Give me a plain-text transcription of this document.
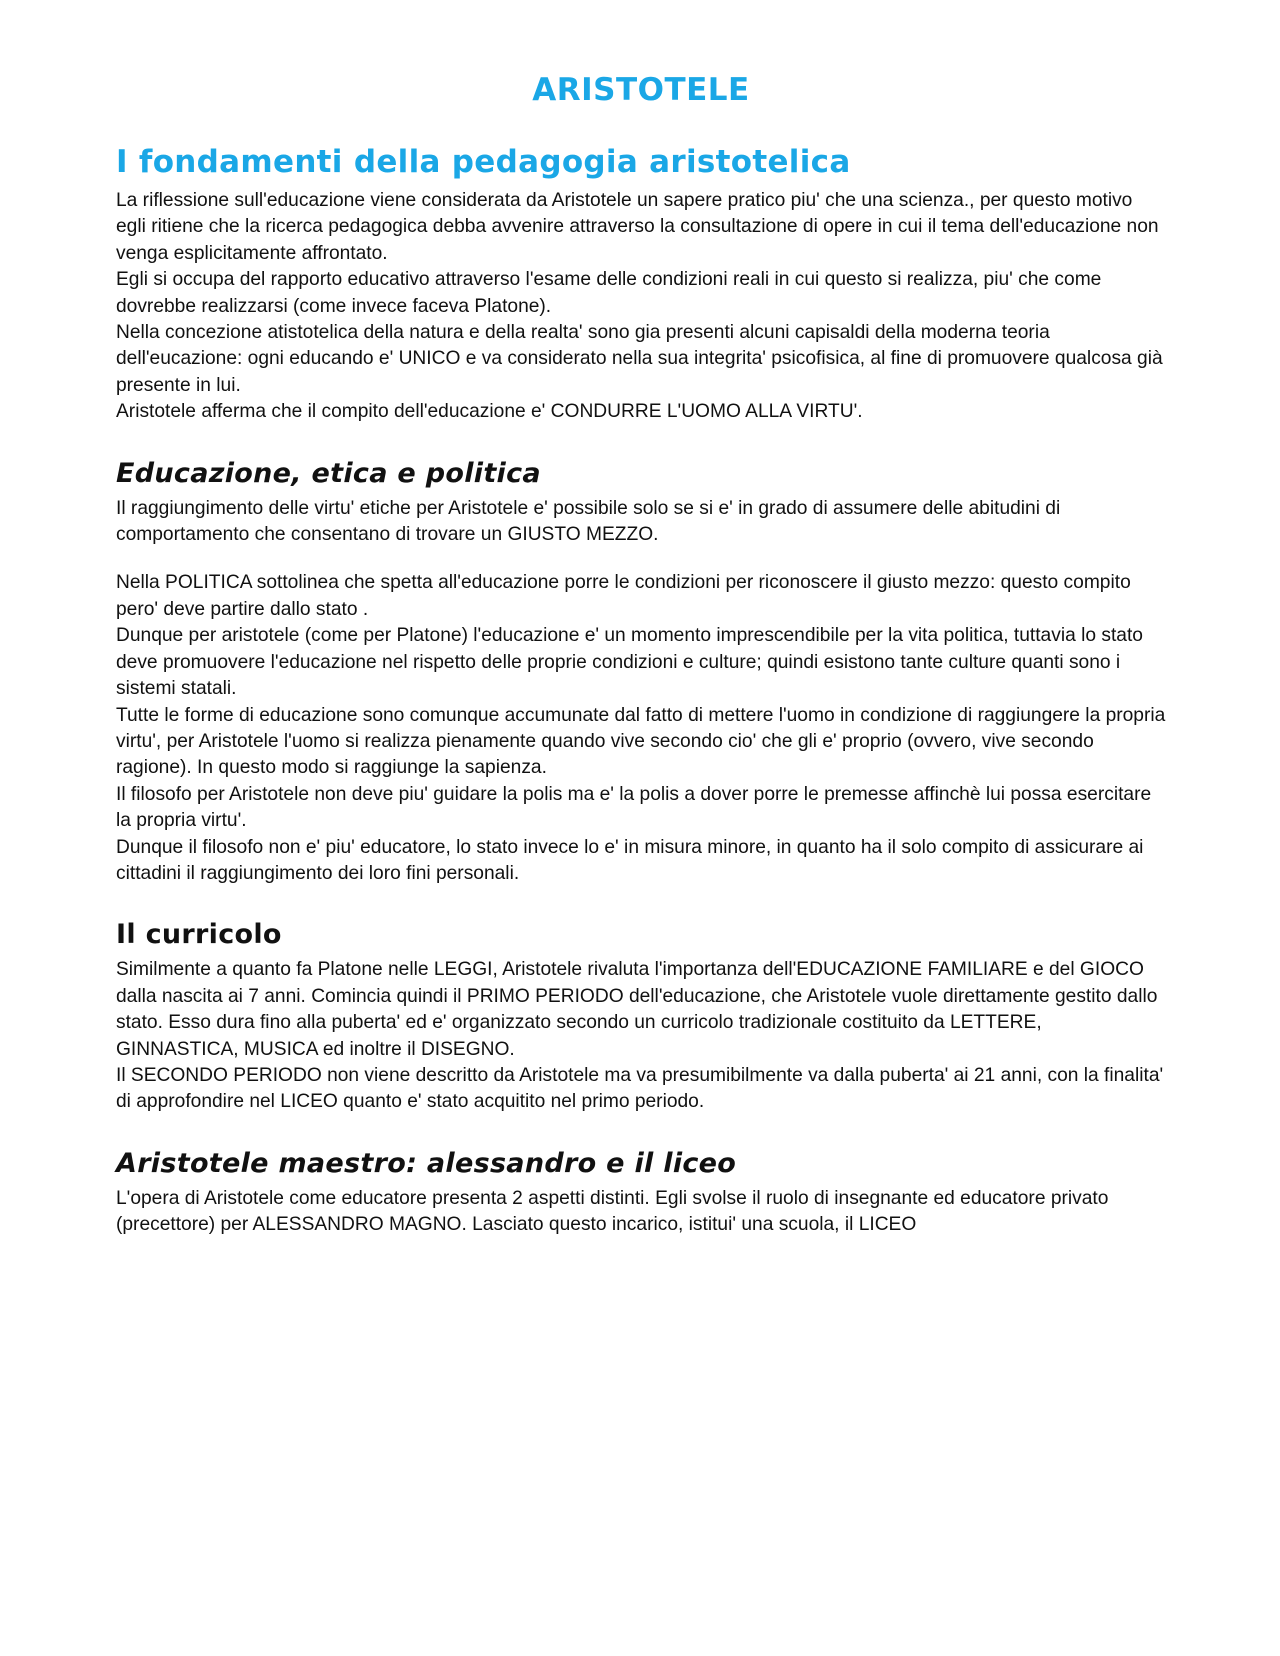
ARISTOTELE
I fondamenti della pedagogia aristotelica

La riflessione sull'educazione viene considerata da Aristotele un sapere pratico piu' che una scienza., per questo motivo egli ritiene che la ricerca pedagogica debba avvenire attraverso la consultazione di opere in cui il tema dell'educazione non venga esplicitamente affrontato.

Egli si occupa del rapporto educativo attraverso l'esame delle condizioni reali in cui questo si realizza, piu' che come dovrebbe realizzarsi (come invece faceva Platone).

Nella concezione atistotelica della natura e della realta' sono gia presenti alcuni capisaldi della moderna teoria dell'eucazione: ogni educando e' UNICO e va considerato nella sua integrita' psicofisica, al fine di promuovere qualcosa già presente in lui.

Aristotele afferma che il compito dell'educazione e' CONDURRE L'UOMO ALLA VIRTU'.

Educazione, etica e politica

Il raggiungimento delle virtu' etiche per Aristotele e' possibile solo se si e' in grado di assumere delle abitudini di comportamento che consentano di trovare un GIUSTO MEZZO.

Nella POLITICA sottolinea che spetta all'educazione porre le condizioni per riconoscere il giusto mezzo: questo compito pero' deve partire dallo stato .

Dunque per aristotele (come per Platone) l'educazione e' un momento imprescendibile per la vita politica, tuttavia lo stato deve promuovere l'educazione nel rispetto delle proprie condizioni e culture; quindi esistono tante culture quanti sono i sistemi statali.

Tutte le forme di educazione sono comunque accumunate dal fatto di mettere l'uomo in condizione di raggiungere la propria virtu', per Aristotele l'uomo si realizza pienamente quando vive secondo cio' che gli e' proprio (ovvero, vive secondo ragione). In questo modo si raggiunge la sapienza.

Il filosofo per Aristotele non deve piu' guidare la polis ma e' la polis a dover porre le premesse affinchè lui possa esercitare la propria virtu'.

Dunque il filosofo non e' piu' educatore, lo stato invece lo e' in misura minore, in quanto ha il solo compito di assicurare ai cittadini il raggiungimento dei loro fini personali.

Il curricolo

Similmente a quanto fa Platone nelle LEGGI, Aristotele rivaluta l'importanza dell'EDUCAZIONE FAMILIARE e del GIOCO dalla nascita ai 7 anni. Comincia quindi il PRIMO PERIODO dell'educazione, che Aristotele vuole direttamente gestito dallo stato. Esso dura fino alla puberta' ed e' organizzato secondo un curricolo tradizionale costituito da LETTERE, GINNASTICA, MUSICA ed inoltre il DISEGNO.

Il SECONDO PERIODO non viene descritto da Aristotele ma va presumibilmente va dalla puberta' ai 21 anni, con la finalita' di approfondire nel LICEO quanto e' stato acquitito nel primo periodo.

Aristotele maestro: alessandro e il liceo

L'opera di Aristotele come educatore presenta 2 aspetti distinti. Egli svolse il ruolo di insegnante ed educatore privato (precettore) per ALESSANDRO MAGNO. Lasciato questo incarico, istitui' una scuola, il LICEO
